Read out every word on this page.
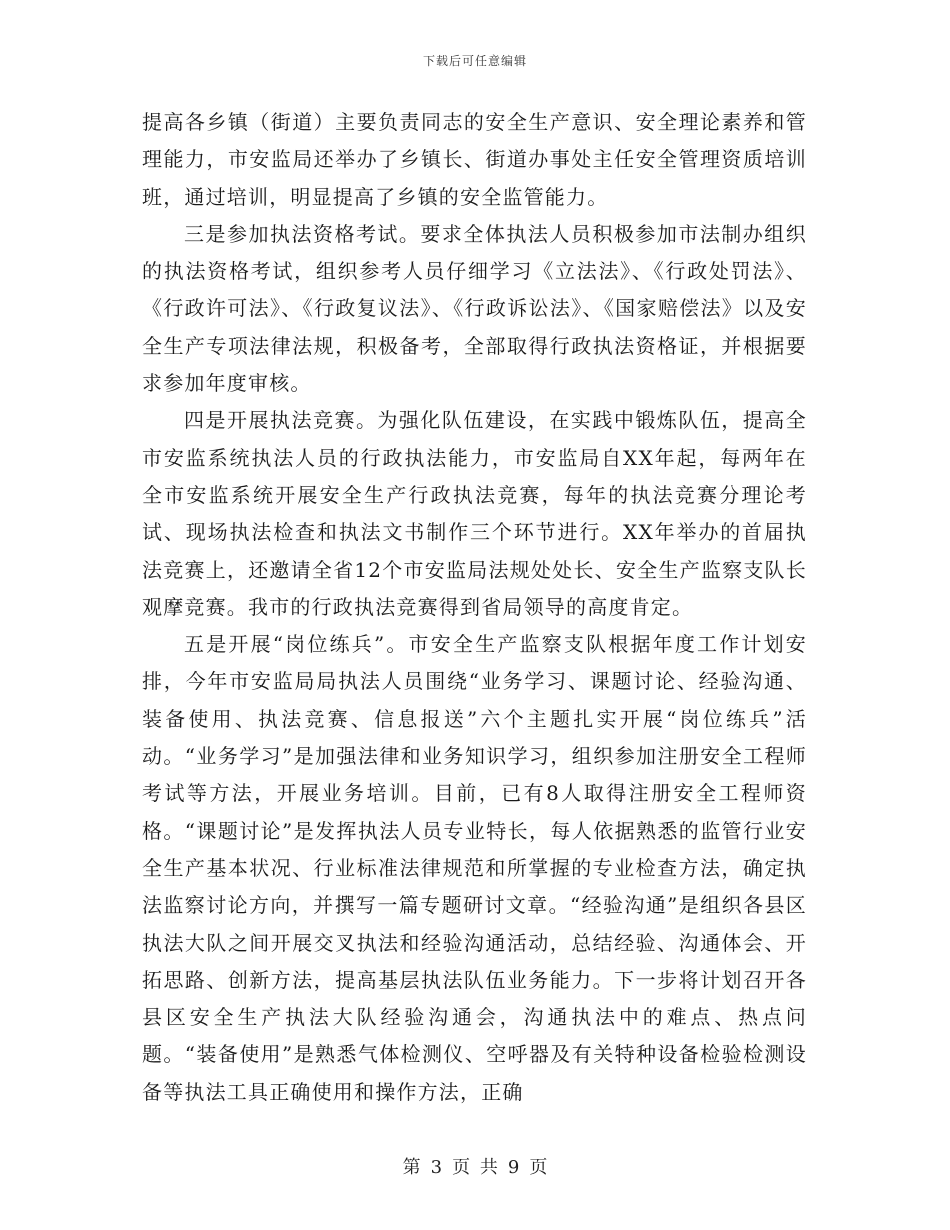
下载后可任意编辑

提高各乡镇（街道）主要负责同志的安全生产意识、安全理论素养和管理能力，市安监局还举办了乡镇长、街道办事处主任安全管理资质培训班，通过培训，明显提高了乡镇的安全监管能力。

三是参加执法资格考试。要求全体执法人员积极参加市法制办组织的执法资格考试，组织参考人员仔细学习《立法法》、《行政处罚法》、《行政许可法》、《行政复议法》、《行政诉讼法》、《国家赔偿法》以及安全生产专项法律法规，积极备考，全部取得行政执法资格证，并根据要求参加年度审核。

四是开展执法竞赛。为强化队伍建设，在实践中锻炼队伍，提高全市安监系统执法人员的行政执法能力，市安监局自XX年起，每两年在全市安监系统开展安全生产行政执法竞赛，每年的执法竞赛分理论考试、现场执法检查和执法文书制作三个环节进行。XX年举办的首届执法竞赛上，还邀请全省12个市安监局法规处处长、安全生产监察支队长观摩竞赛。我市的行政执法竞赛得到省局领导的高度肯定。

五是开展“岗位练兵”。市安全生产监察支队根据年度工作计划安排，今年市安监局局执法人员围绕“业务学习、课题讨论、经验沟通、装备使用、执法竞赛、信息报送”六个主题扎实开展“岗位练兵”活动。“业务学习”是加强法律和业务知识学习，组织参加注册安全工程师考试等方法，开展业务培训。目前，已有8人取得注册安全工程师资格。“课题讨论”是发挥执法人员专业特长，每人依据熟悉的监管行业安全生产基本状况、行业标准法律规范和所掌握的专业检查方法，确定执法监察讨论方向，并撰写一篇专题研讨文章。“经验沟通”是组织各县区执法大队之间开展交叉执法和经验沟通活动，总结经验、沟通体会、开拓思路、创新方法，提高基层执法队伍业务能力。下一步将计划召开各县区安全生产执法大队经验沟通会，沟通执法中的难点、热点问题。“装备使用”是熟悉气体检测仪、空呼器及有关特种设备检验检测设备等执法工具正确使用和操作方法，正确

第 3 页 共 9 页
